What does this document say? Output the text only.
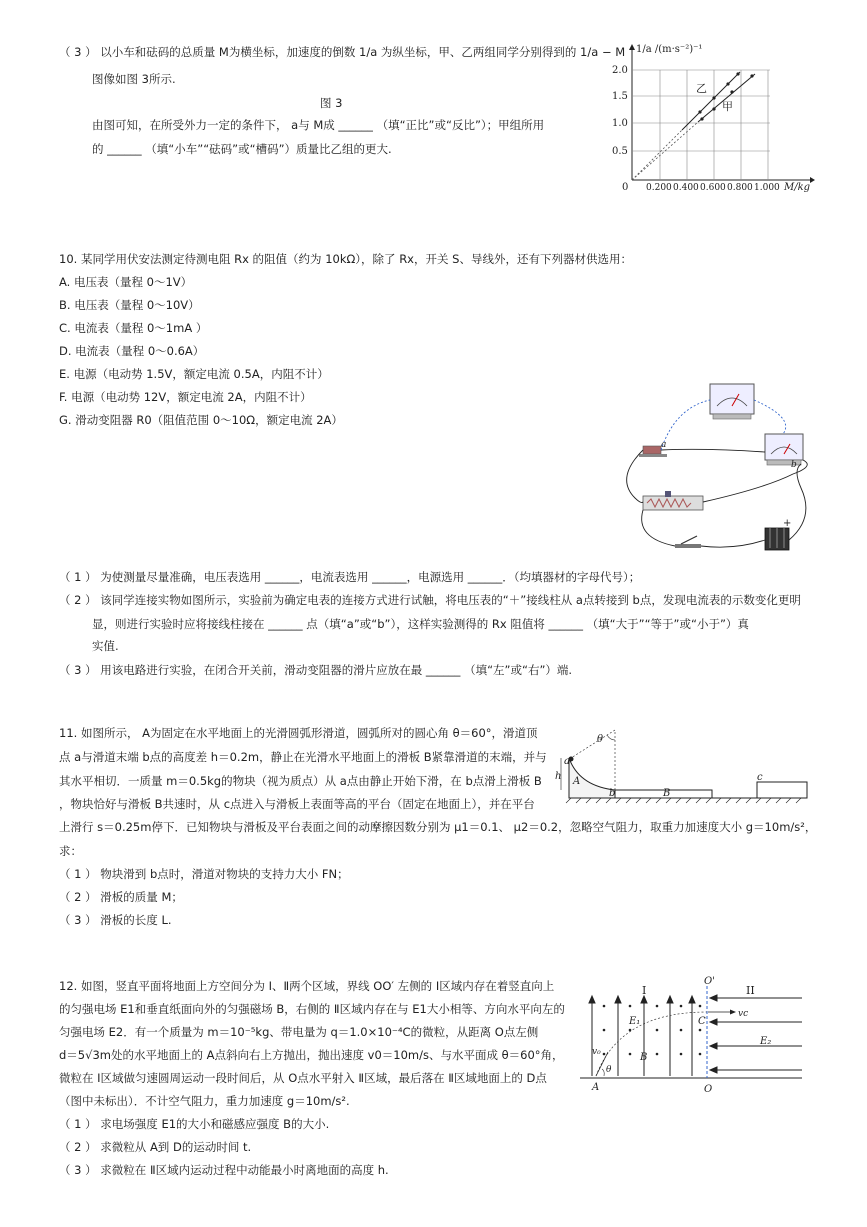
（ 3 ） 以小车和砝码的总质量 M为横坐标，加速度的倒数 1/a 为纵坐标，甲、乙两组同学分别得到的 1/a − M
图像如图 3所示.
图 3
由图可知，在所受外力一定的条件下， a与 M成 ______ （填“正比”或“反比”）；甲组所用
的 ______ （填“小车”“砝码”或“槽码”）质量比乙组的更大.
1/a /(m·s⁻²)⁻¹
0
2.0
1.5
1.0
0.5
0.200 0.400 0.600 0.800 1.000 M/kg
乙
甲
10. 某同学用伏安法测定待测电阻 Rx 的阻值（约为 10kΩ），除了 Rx，开关 S、导线外，还有下列器材供选用：
A. 电压表（量程 0～1V）
B. 电压表（量程 0～10V）
C. 电流表（量程 0～1mA ）
D. 电流表（量程 0～0.6A）
E. 电源（电动势 1.5V，额定电流 0.5A，内阻不计）
F. 电源（电动势 12V，额定电流 2A，内阻不计）
G. 滑动变阻器 R0（阻值范围 0～10Ω，额定电流 2A）
+
a
b
（ 1 ） 为使测量尽量准确，电压表选用 ______，电流表选用 ______，电源选用 ______．（均填器材的字母代号）；
（ 2 ） 该同学连接实物如图所示，实验前为确定电表的连接方式进行试触，将电压表的“＋”接线柱从 a点转接到 b点，发现电流表的示数变化更明
显，则进行实验时应将接线柱接在 ______ 点（填“a”或“b”），这样实验测得的 Rx 阻值将 ______ （填“大于”“等于”或“小于”）真
实值.
（ 3 ） 用该电路进行实验，在闭合开关前，滑动变阻器的滑片应放在最 ______ （填“左”或“右”）端.
11. 如图所示， A为固定在水平地面上的光滑圆弧形滑道，圆弧所对的圆心角 θ＝60°，滑道顶
点 a与滑道末端 b点的高度差 h＝0.2m，静止在光滑水平地面上的滑板 B紧靠滑道的末端，并与
其水平相切．一质量 m＝0.5kg的物块（视为质点）从 a点由静止开始下滑，在 b点滑上滑板 B
，物块恰好与滑板 B共速时，从 c点进入与滑板上表面等高的平台（固定在地面上），并在平台
上滑行 s＝0.25m停下．已知物块与滑板及平台表面之间的动摩擦因数分别为 μ1＝0.1、 μ2＝0.2，忽略空气阻力，取重力加速度大小 g＝10m/s²，
求：
（ 1 ） 物块滑到 b点时，滑道对物块的支持力大小 FN；
（ 2 ） 滑板的质量 M；
（ 3 ） 滑板的长度 L.
θ
a
h A
b	B
c
12. 如图，竖直平面将地面上方空间分为 Ⅰ、Ⅱ两个区域，界线 OO′ 左侧的 Ⅰ区域内存在着竖直向上
的匀强电场 E1和垂直纸面向外的匀强磁场 B，右侧的 Ⅱ区域内存在与 E1大小相等、方向水平向左的
匀强电场 E2．有一个质量为 m＝10⁻⁵kg、带电量为 q＝1.0×10⁻⁴C的微粒，从距离 O点左侧
d＝5√3m处的水平地面上的 A点斜向右上方抛出，抛出速度 v0＝10m/s、与水平面成 θ＝60°角，
微粒在 Ⅰ区域做匀速圆周运动一段时间后，从 O点水平射入 Ⅱ区域，最后落在 Ⅱ区域地面上的 D点
（图中未标出）．不计空气阻力，重力加速度 g＝10m/s².
（ 1 ） 求电场强度 E1的大小和磁感应强度 B的大小.
（ 2 ） 求微粒从 A到 D的运动时间 t.
（ 3 ） 求微粒在 Ⅱ区域内运动过程中动能最小时离地面的高度 h.
O'
I	II
E₁
B
C
vc
E₂
v₀
θ
A	O
